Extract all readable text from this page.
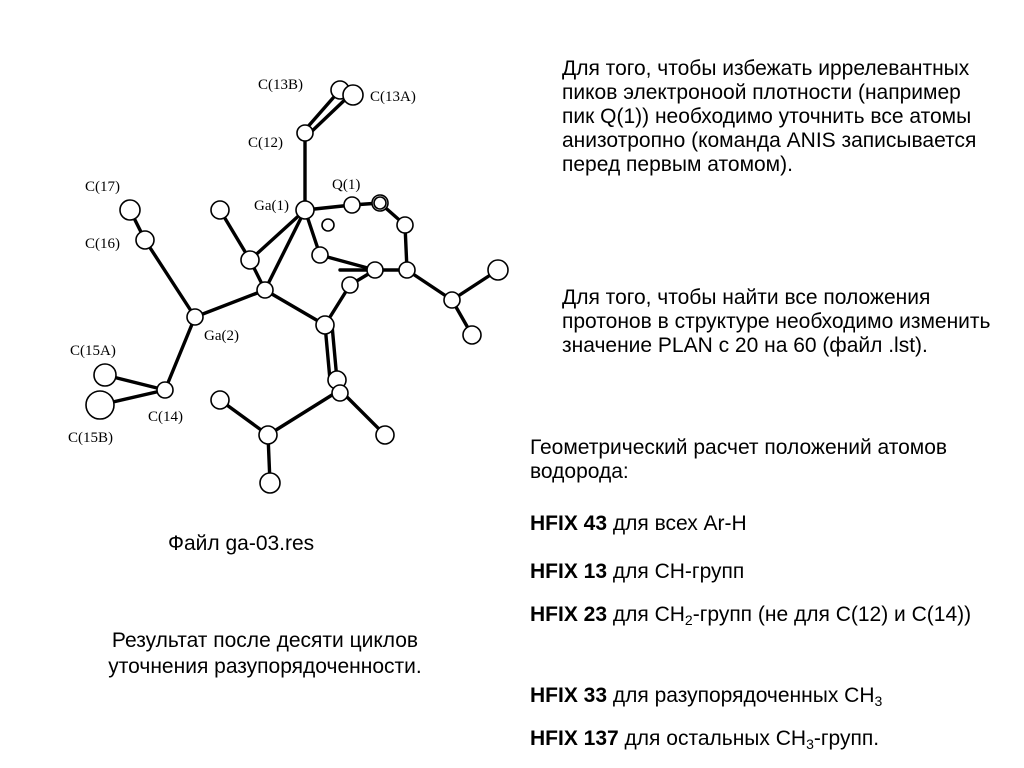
C(13B)
C(13A)
C(12)
Q(1)
C(17)
Ga(1)
C(16)
Ga(2)
C(15A)
C(14)
C(15B)
Файл ga-03.res
Результат после десяти циклов уточнения разупорядоченности.
Для того, чтобы избежать иррелевантных пиков электроноой плотности (например пик Q(1)) необходимо уточнить все атомы анизотропно (команда ANIS записывается перед первым атомом).
Для того, чтобы найти все положения протонов в структуре необходимо изменить значение PLAN с 20 на 60 (файл .lst).
Геометрический расчет положений атомов водорода:
HFIX 43 для всех Ar-H
HFIX 13 для CH-групп
HFIX 23 для $CH_2$-групп (не для C(12) и C(14))
HFIX 33 для разупорядоченных $CH_3$
HFIX 137 для остальных $CH_3$-групп.
